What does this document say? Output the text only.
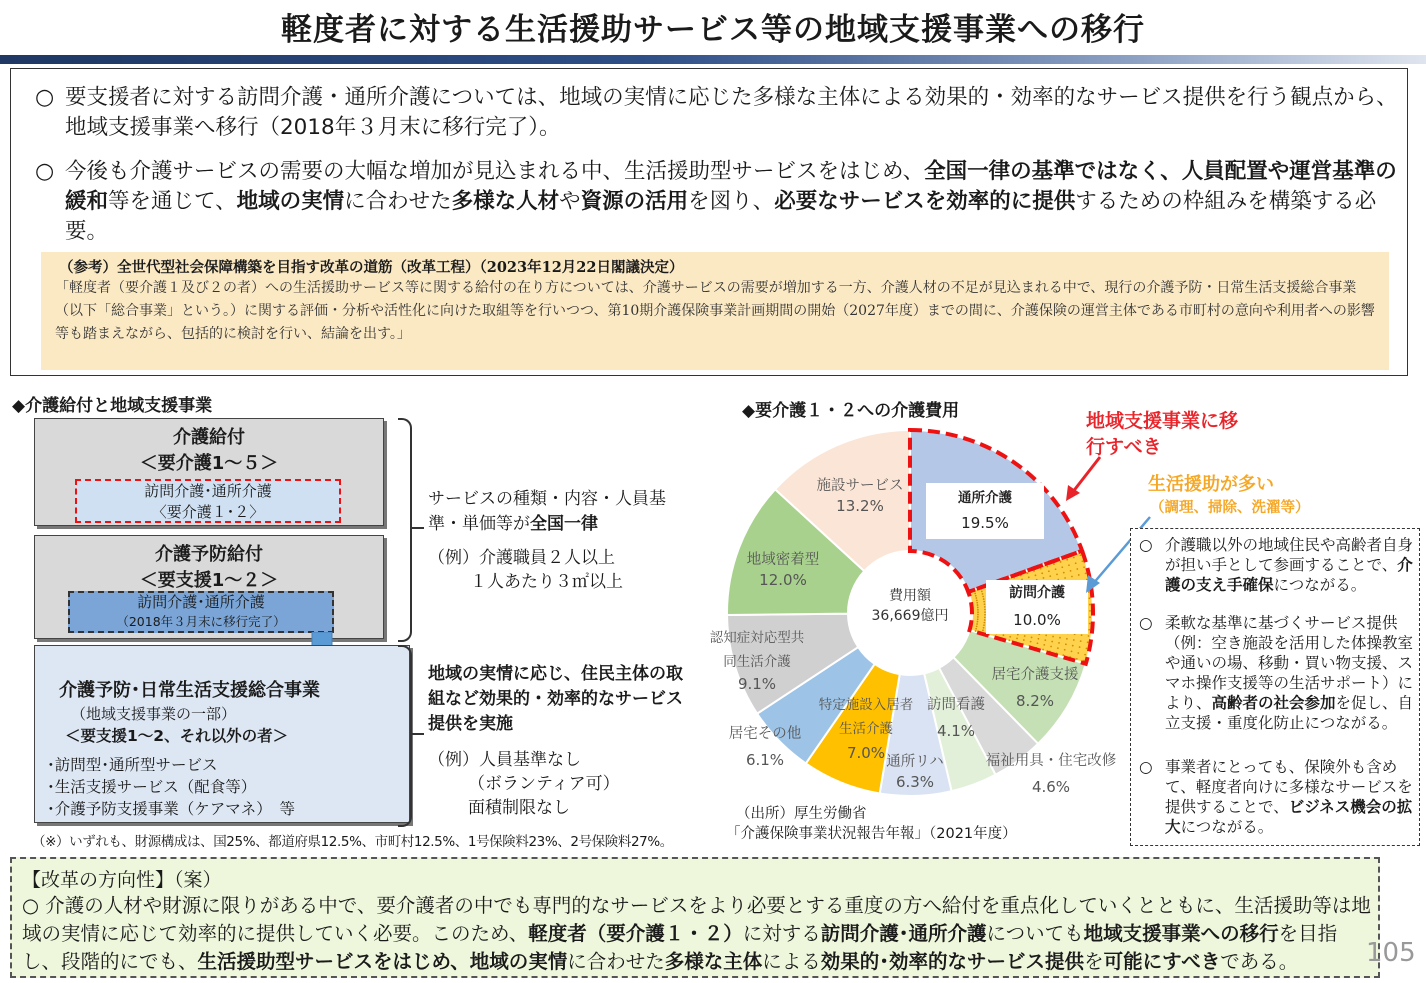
軽度者に対する生活援助サービス等の地域支援事業への移行
○ 要支援者に対する訪問介護・通所介護については、地域の実情に応じた多様な主体による効果的・効率的なサービス提供を行う観点から、地域支援事業へ移行（2018年３月末に移行完了）。
○ 今後も介護サービスの需要の大幅な増加が見込まれる中、生活援助型サービスをはじめ、全国一律の基準ではなく、人員配置や運営基準の緩和等を通じて、地域の実情に合わせた多様な人材や資源の活用を図り、必要なサービスを効率的に提供するための枠組みを構築する必要。
（参考）全世代型社会保障構築を目指す改革の道筋（改革工程）（2023年12月22日閣議決定）
「軽度者（要介護１及び２の者）への生活援助サービス等に関する給付の在り方については、介護サービスの需要が増加する一方、介護人材の不足が見込まれる中で、現行の介護予防・日常生活支援総合事業（以下「総合事業」という。）に関する評価・分析や活性化に向けた取組等を行いつつ、第10期介護保険事業計画期間の開始（2027年度）までの間に、介護保険の運営主体である市町村の意向や利用者への影響等も踏まえながら、包括的に検討を行い、結論を出す。」
◆介護給付と地域支援事業
介護給付
＜要介護1～５＞
訪問介護･通所介護
〈要介護１･２〉
介護予防給付
＜要支援1～２＞
訪問介護･通所介護
（2018年３月末に移行完了）
介護予防･日常生活支援総合事業
（地域支援事業の一部）
＜要支援1～2、それ以外の者＞
･訪問型･通所型サービス
･生活支援サービス（配食等）
･介護予防支援事業（ケアマネ）　等
（※）いずれも、財源構成は、国25%、都道府県12.5%、市町村12.5%、1号保険料23%、2号保険料27%。
サービスの種類・内容・人員基準・単価等が全国一律
（例）介護職員２人以上
１人あたり３㎡以上
地域の実情に応じ、住民主体の取組など効果的・効率的なサービス提供を実施
（例）人員基準なし
（ボランティア可）
面積制限なし
◆要介護１・２への介護費用
施設サービス
13.2%
地域密着型
12.0%
認知症対応型共同生活介護
9.1%
居宅その他
6.1%
特定施設入居者生活介護
7.0% 通所リハ
6.3%
訪問看護
4.1%
福祉用具・住宅改修
4.6%
居宅介護支援
8.2%
通所介護
19.5%
訪問介護
10.0%
費用額
36,669億円
地域支援事業に移行すべき
生活援助が多い
（調理、掃除、洗濯等）
（出所）厚生労働省
「介護保険事業状況報告年報」（2021年度）
○ 介護職以外の地域住民や高齢者自身が担い手として参画することで、介護の支え手確保につながる。
○ 柔軟な基準に基づくサービス提供（例：空き施設を活用した体操教室や通いの場、移動・買い物支援、スマホ操作支援等の生活サポート）により、高齢者の社会参加を促し、自立支援・重度化防止につながる。
○ 事業者にとっても、保険外も含めて、軽度者向けに多様なサービスを提供することで、ビジネス機会の拡大につながる。
【改革の方向性】（案）
○ 介護の人材や財源に限りがある中で、要介護者の中でも専門的なサービスをより必要とする重度の方へ給付を重点化していくとともに、生活援助等は地域の実情に応じて効率的に提供していく必要。このため、軽度者（要介護１・２）に対する訪問介護･通所介護についても地域支援事業への移行を目指し、段階的にでも、生活援助型サービスをはじめ、地域の実情に合わせた多様な主体による効果的･効率的なサービス提供を可能にすべきである。	105
